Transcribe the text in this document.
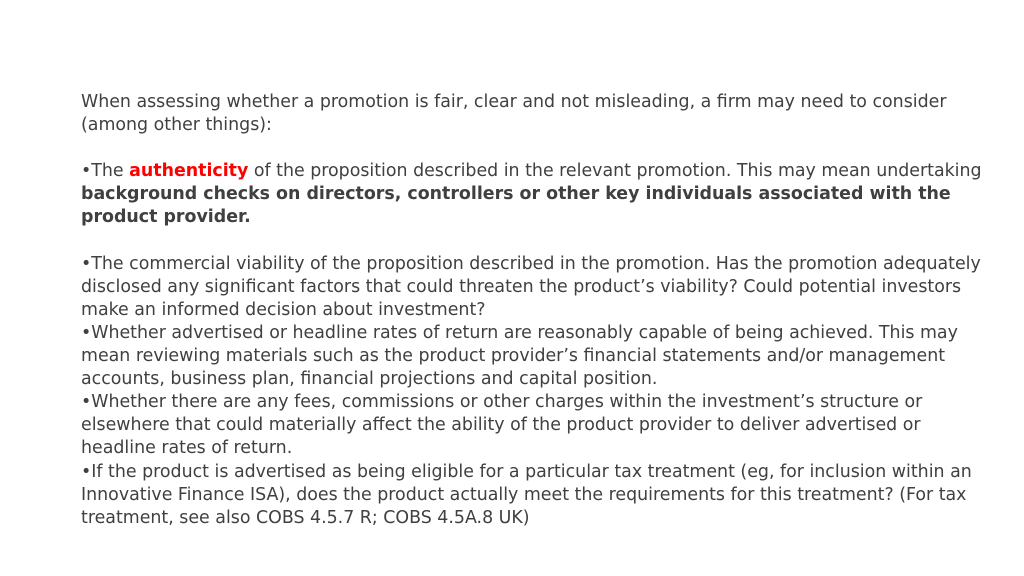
When assessing whether a promotion is fair, clear and not misleading, a firm may need to consider (among other things):

•The authenticity of the proposition described in the relevant promotion. This may mean undertaking background checks on directors, controllers or other key individuals associated with the product provider.

•The commercial viability of the proposition described in the promotion. Has the promotion adequately disclosed any significant factors that could threaten the product’s viability? Could potential investors make an informed decision about investment?

•Whether advertised or headline rates of return are reasonably capable of being achieved. This may mean reviewing materials such as the product provider’s financial statements and/or management accounts, business plan, financial projections and capital position.

•Whether there are any fees, commissions or other charges within the investment’s structure or elsewhere that could materially affect the ability of the product provider to deliver advertised or headline rates of return.

•If the product is advertised as being eligible for a particular tax treatment (eg, for inclusion within an Innovative Finance ISA), does the product actually meet the requirements for this treatment? (For tax treatment, see also COBS 4.5.7 R; COBS 4.5A.8 UK)
